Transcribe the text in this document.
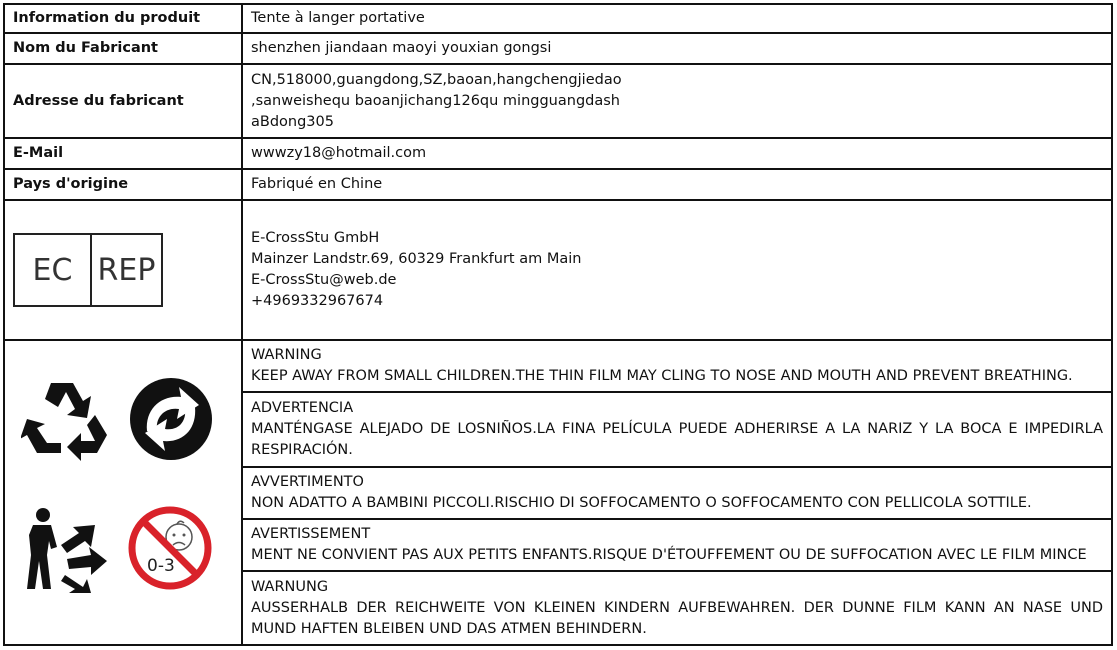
Information du produit	Tente à langer portative
Nom du Fabricant	shenzhen jiandaan maoyi youxian gongsi
Adresse du fabricant	CN,518000,guangdong,SZ,baoan,hangchengjiedao
,sanweishequ baoanjichang126qu mingguangdash
aBdong305

E-Mail	wwwzy18@hotmail.com
Pays d'origine	Fabriqué en Chine

EC REP	E-CrossStu GmbH
Mainzer Landstr.69, 60329 Frankfurt am Main
E-CrossStu@web.de
+4969332967674

0-3	WARNING
KEEP AWAY FROM SMALL CHILDREN.THE THIN FILM MAY CLING TO NOSE AND MOUTH AND PREVENT BREATHING.

	ADVERTENCIA
MANTÉNGASE ALEJADO DE LOSNIÑOS.LA FINA PELÍCULA PUEDE ADHERIRSE A LA NARIZ Y LA BOCA E IMPEDIRLA RESPIRACIÓN.

	AVVERTIMENTO
NON ADATTO A BAMBINI PICCOLI.RISCHIO DI SOFFOCAMENTO O SOFFOCAMENTO CON PELLICOLA SOTTILE.

	AVERTISSEMENT
MENT NE CONVIENT PAS AUX PETITS ENFANTS.RISQUE D'ÉTOUFFEMENT OU DE SUFFOCATION AVEC LE FILM MINCE

	WARNUNG
AUSSERHALB DER REICHWEITE VON KLEINEN KINDERN AUFBEWAHREN. DER DUNNE FILM KANN AN NASE UND MUND HAFTEN BLEIBEN UND DAS ATMEN BEHINDERN.
